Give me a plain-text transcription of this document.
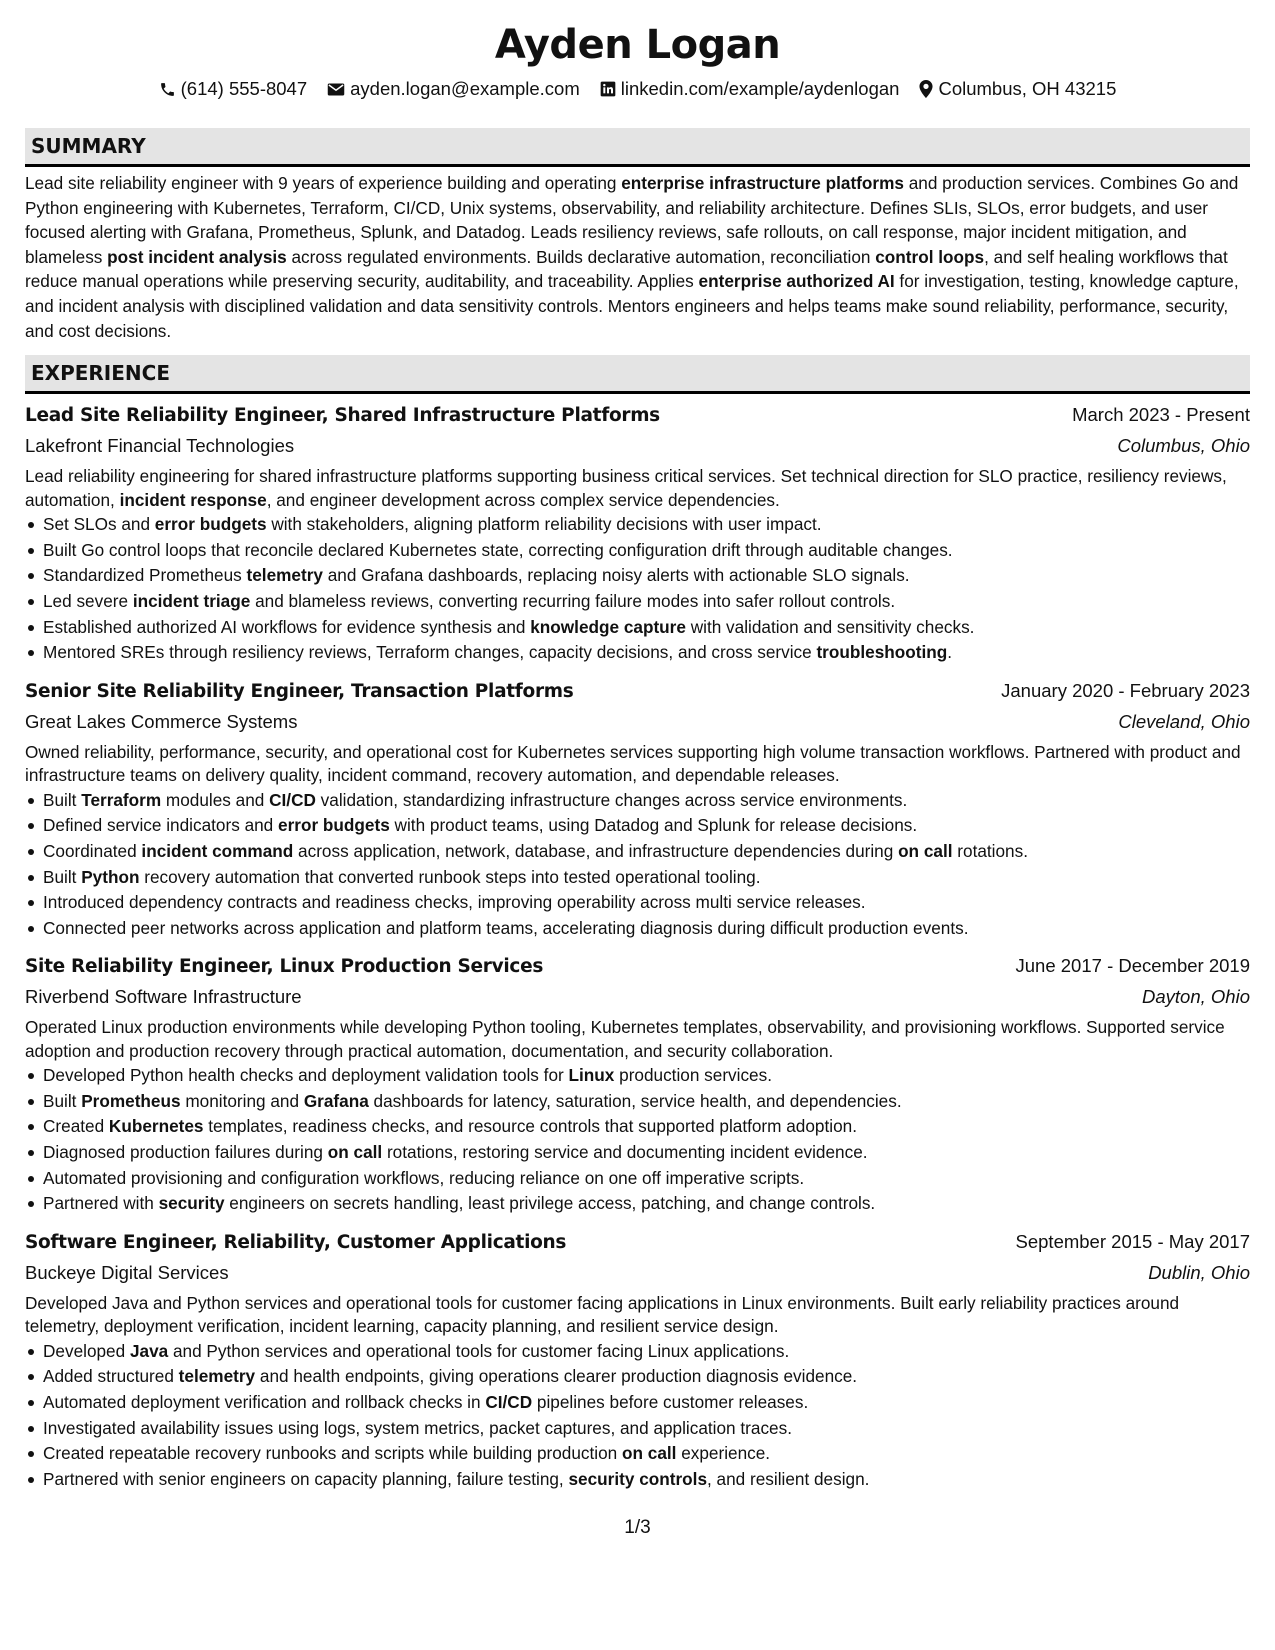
Ayden Logan
(614) 555-8047 ayden.logan@example.com linkedin.com/example/aydenlogan Columbus, OH 43215
SUMMARY

Lead site reliability engineer with 9 years of experience building and operating enterprise infrastructure platforms and production services. Combines Go and Python engineering with Kubernetes, Terraform, CI/CD, Unix systems, observability, and reliability architecture. Defines SLIs, SLOs, error budgets, and user focused alerting with Grafana, Prometheus, Splunk, and Datadog. Leads resiliency reviews, safe rollouts, on call response, major incident mitigation, and blameless post incident analysis across regulated environments. Builds declarative automation, reconciliation control loops, and self healing workflows that reduce manual operations while preserving security, auditability, and traceability. Applies enterprise authorized AI for investigation, testing, knowledge capture, and incident analysis with disciplined validation and data sensitivity controls. Mentors engineers and helps teams make sound reliability, performance, security, and cost decisions.

EXPERIENCE
Lead Site Reliability Engineer, Shared Infrastructure Platforms	March 2023 - Present
Lakefront Financial Technologies	Columbus, Ohio

Lead reliability engineering for shared infrastructure platforms supporting business critical services. Set technical direction for SLO practice, resiliency reviews, automation, incident response, and engineer development across complex service dependencies.

Set SLOs and error budgets with stakeholders, aligning platform reliability decisions with user impact.
Built Go control loops that reconcile declared Kubernetes state, correcting configuration drift through auditable changes.
Standardized Prometheus telemetry and Grafana dashboards, replacing noisy alerts with actionable SLO signals.
Led severe incident triage and blameless reviews, converting recurring failure modes into safer rollout controls.
Established authorized AI workflows for evidence synthesis and knowledge capture with validation and sensitivity checks.
Mentored SREs through resiliency reviews, Terraform changes, capacity decisions, and cross service troubleshooting.
Senior Site Reliability Engineer, Transaction Platforms	January 2020 - February 2023
Great Lakes Commerce Systems	Cleveland, Ohio

Owned reliability, performance, security, and operational cost for Kubernetes services supporting high volume transaction workflows. Partnered with product and infrastructure teams on delivery quality, incident command, recovery automation, and dependable releases.

Built Terraform modules and CI/CD validation, standardizing infrastructure changes across service environments.
Defined service indicators and error budgets with product teams, using Datadog and Splunk for release decisions.
Coordinated incident command across application, network, database, and infrastructure dependencies during on call rotations.
Built Python recovery automation that converted runbook steps into tested operational tooling.
Introduced dependency contracts and readiness checks, improving operability across multi service releases.
Connected peer networks across application and platform teams, accelerating diagnosis during difficult production events.
Site Reliability Engineer, Linux Production Services	June 2017 - December 2019
Riverbend Software Infrastructure	Dayton, Ohio

Operated Linux production environments while developing Python tooling, Kubernetes templates, observability, and provisioning workflows. Supported service adoption and production recovery through practical automation, documentation, and security collaboration.

Developed Python health checks and deployment validation tools for Linux production services.
Built Prometheus monitoring and Grafana dashboards for latency, saturation, service health, and dependencies.
Created Kubernetes templates, readiness checks, and resource controls that supported platform adoption.
Diagnosed production failures during on call rotations, restoring service and documenting incident evidence.
Automated provisioning and configuration workflows, reducing reliance on one off imperative scripts.
Partnered with security engineers on secrets handling, least privilege access, patching, and change controls.
Software Engineer, Reliability, Customer Applications	September 2015 - May 2017
Buckeye Digital Services	Dublin, Ohio

Developed Java and Python services and operational tools for customer facing applications in Linux environments. Built early reliability practices around telemetry, deployment verification, incident learning, capacity planning, and resilient service design.

Developed Java and Python services and operational tools for customer facing Linux applications.
Added structured telemetry and health endpoints, giving operations clearer production diagnosis evidence.
Automated deployment verification and rollback checks in CI/CD pipelines before customer releases.
Investigated availability issues using logs, system metrics, packet captures, and application traces.
Created repeatable recovery runbooks and scripts while building production on call experience.
Partnered with senior engineers on capacity planning, failure testing, security controls, and resilient design.
1/3
